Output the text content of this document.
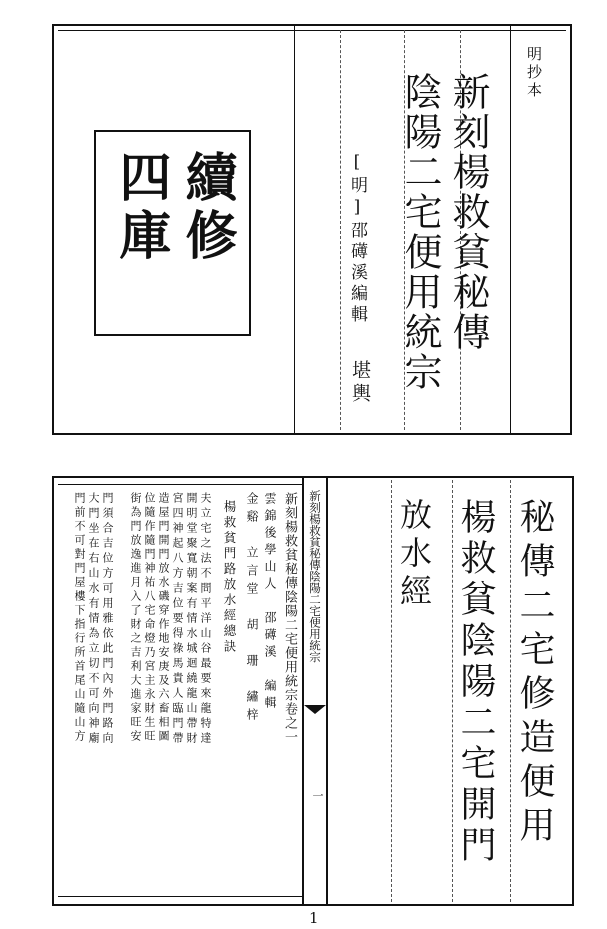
明抄本
新刻楊救貧秘傳
陰陽二宅便用統宗
[明]邵礡溪編輯
堪輿
續修
四庫
新刻楊救貧秘傳陰陽二宅便用統宗
一	秘傳二宅修造便用
楊救貧陰陽二宅開門
放水經
新刻楊救貧秘傳陰陽二宅便用統宗卷之一
雲錦後學山人　邵礡溪　編輯
金谿　立言堂　胡　珊　繡梓
楊救貧門路放水經總訣
夫立宅之法不問平洋山谷最要來龍特達
開明堂聚寬朝案有情水城迴繞龍山帶財
宮四神起八方吉位要得祿馬貴人臨門帶
造屋門開門放水磯穿作地安庚及六畜相圖
位隨作隨門神祐八宅命燈乃宮主永財生旺
街為門放逸進月入了財之吉利大進家旺安
門須合吉位方可用雅依此門內外門路向
大門坐在右山水有情為立切不可向神廟
門前不可對門屋樓下指行所首尾山隨山方
1
